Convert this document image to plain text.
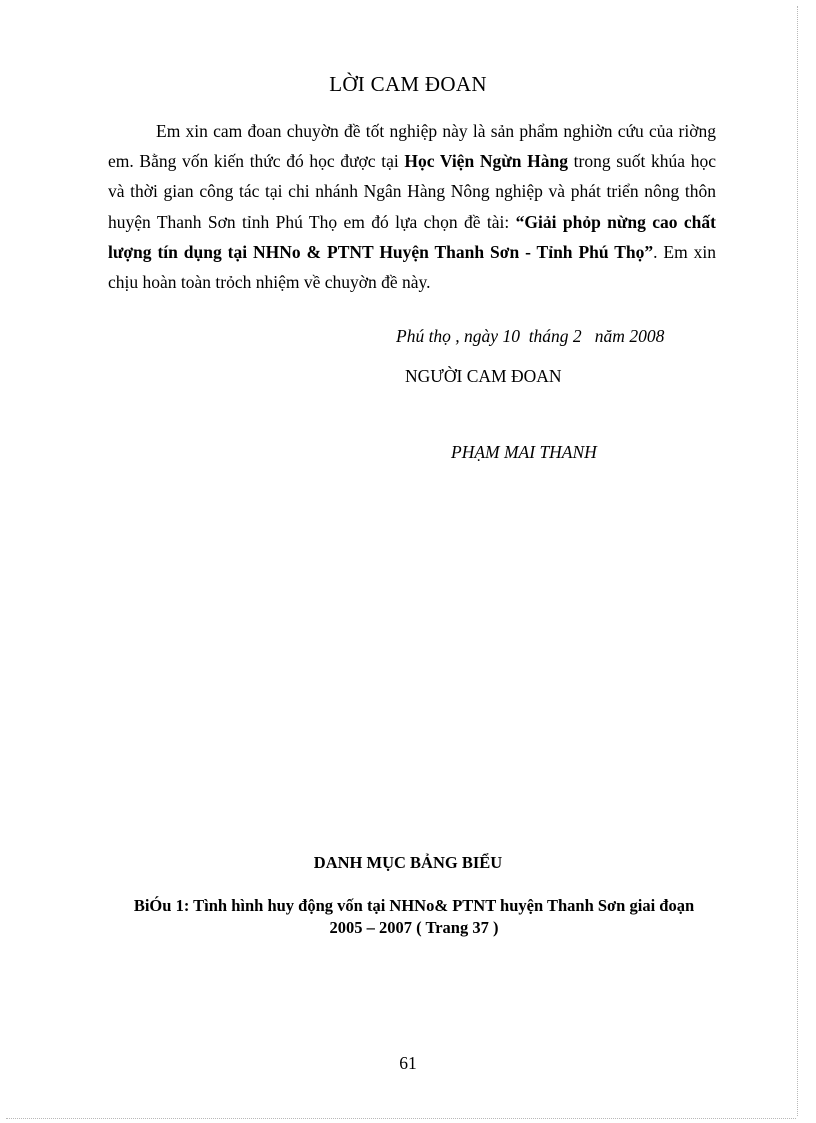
LỜI CAM ĐOAN

Em xin cam đoan chuyờn đề tốt nghiệp này là sản phẩm nghiờn cứu của riờng em. Bằng vốn kiến thức đó học được tại Học Viện Ngừn Hàng trong suốt khúa học và thời gian công tác tại chi nhánh Ngân Hàng Nông nghiệp và phát triển nông thôn huyện Thanh Sơn tỉnh Phú Thọ em đó lựa chọn đề tài: “Giải phỏp nừng cao chất lượng tín dụng tại NHNo & PTNT Huyện Thanh Sơn - Tỉnh Phú Thọ”. Em xin chịu hoàn toàn trỏch nhiệm về chuyờn đề này.

Phú thọ , ngày 10  tháng 2   năm 2008
NGƯỜI CAM ĐOAN
PHẠM MAI THANH
DANH MỤC BẢNG BIỂU
BiÓu 1: Tình hình huy động vốn tại NHNo& PTNT huyện Thanh Sơn giai đoạn 2005 – 2007 ( Trang 37 )
61
